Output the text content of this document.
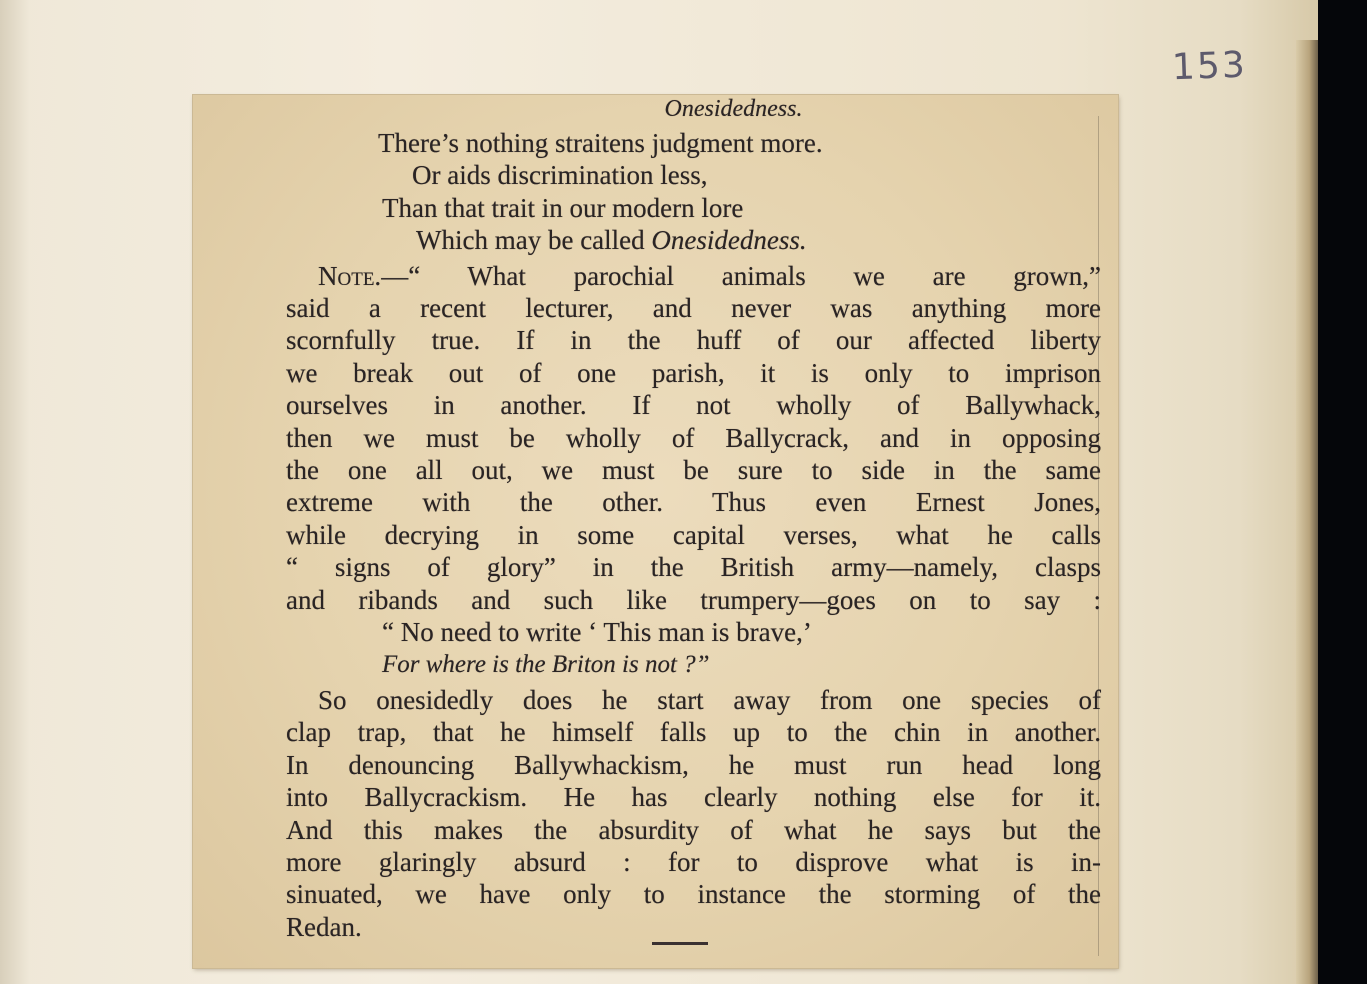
153
Onesidedness.
There’s nothing straitens judgment more.
Or aids discrimination less,
Than that trait in our modern lore
Which may be called Onesidedness.
Note.—“ What parochial animals we are grown,”
said a recent lecturer, and never was anything more
scornfully true. If in the huff of our affected liberty
we break out of one parish, it is only to imprison
ourselves in another. If not wholly of Ballywhack,
then we must be wholly of Ballycrack, and in opposing
the one all out, we must be sure to side in the same
extreme with the other. Thus even Ernest Jones,
while decrying in some capital verses, what he calls
“ signs of glory” in the British army—namely, clasps
and ribands and such like trumpery—goes on to say :
“ No need to write ‘ This man is brave,’
For where is the Briton is not ?”
So onesidedly does he start away from one species of
clap trap, that he himself falls up to the chin in another.
In denouncing Ballywhackism, he must run head long
into Ballycrackism. He has clearly nothing else for it.
And this makes the absurdity of what he says but the
more glaringly absurd : for to disprove what is in-
sinuated, we have only to instance the storming of the
Redan.
